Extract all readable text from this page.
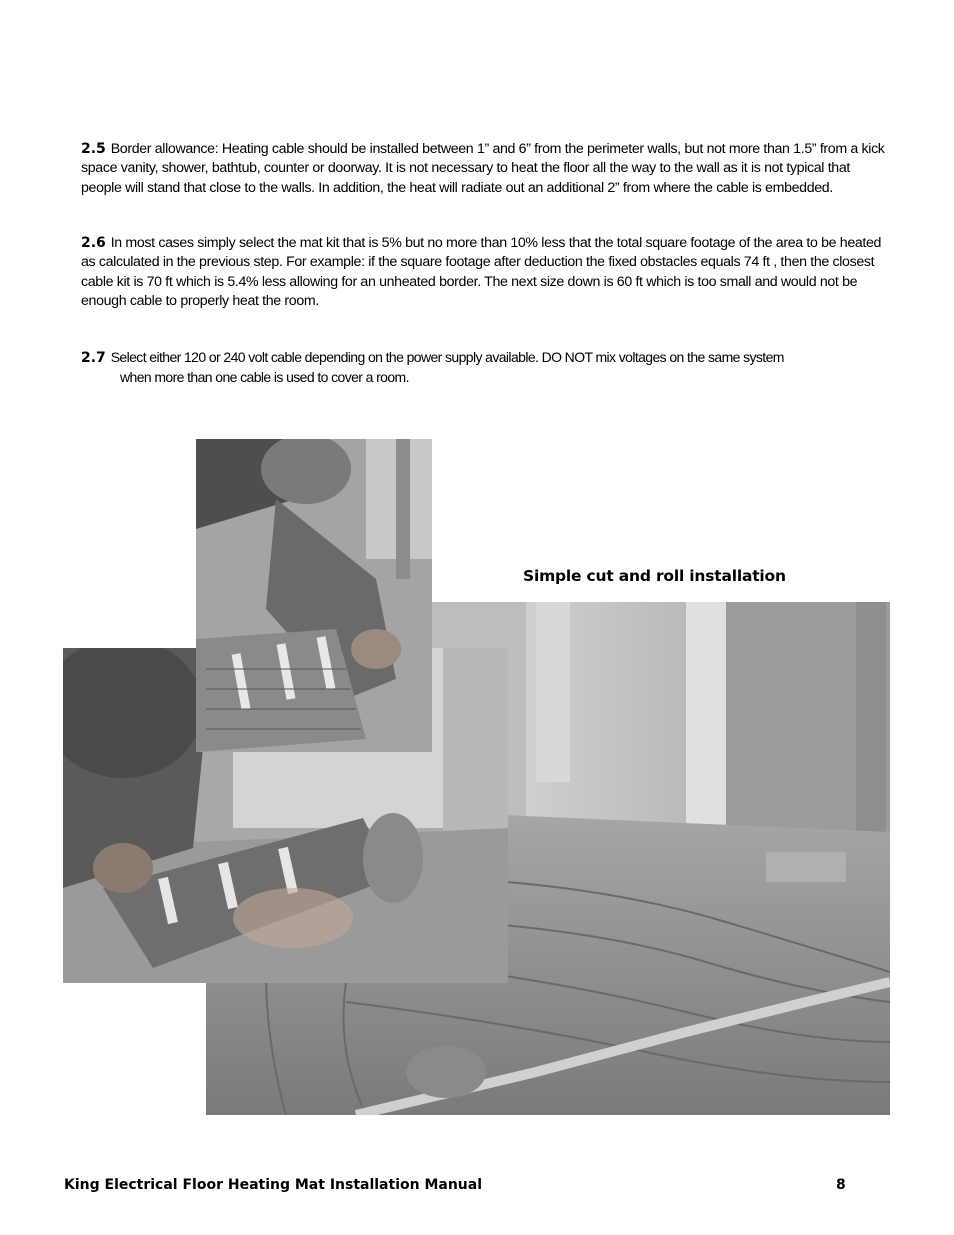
2.5 Border allowance: Heating cable should be installed between 1” and 6” from the perimeter walls, but not more than 1.5” from a kick space vanity, shower, bathtub, counter or doorway. It is not necessary to heat the floor all the way to the wall as it is not typical that people will stand that close to the walls. In addition, the heat will radiate out an additional 2” from where the cable is embedded.
2.6 In most cases simply select the mat kit that is 5% but no more than 10% less that the total square footage of the area to be heated as calculated in the previous step. For example: if the square footage after deduction the fixed obstacles equals 74 ft , then the closest cable kit is 70 ft which is 5.4% less allowing for an unheated border. The next size down is 60 ft which is too small and would not be enough cable to properly heat the room.
2.7 Select either 120 or 240 volt cable depending on the power supply available. DO NOT mix voltages on the same system
when more than one cable is used to cover a room.
Simple cut and roll installation
King Electrical Floor Heating Mat Installation Manual	8
